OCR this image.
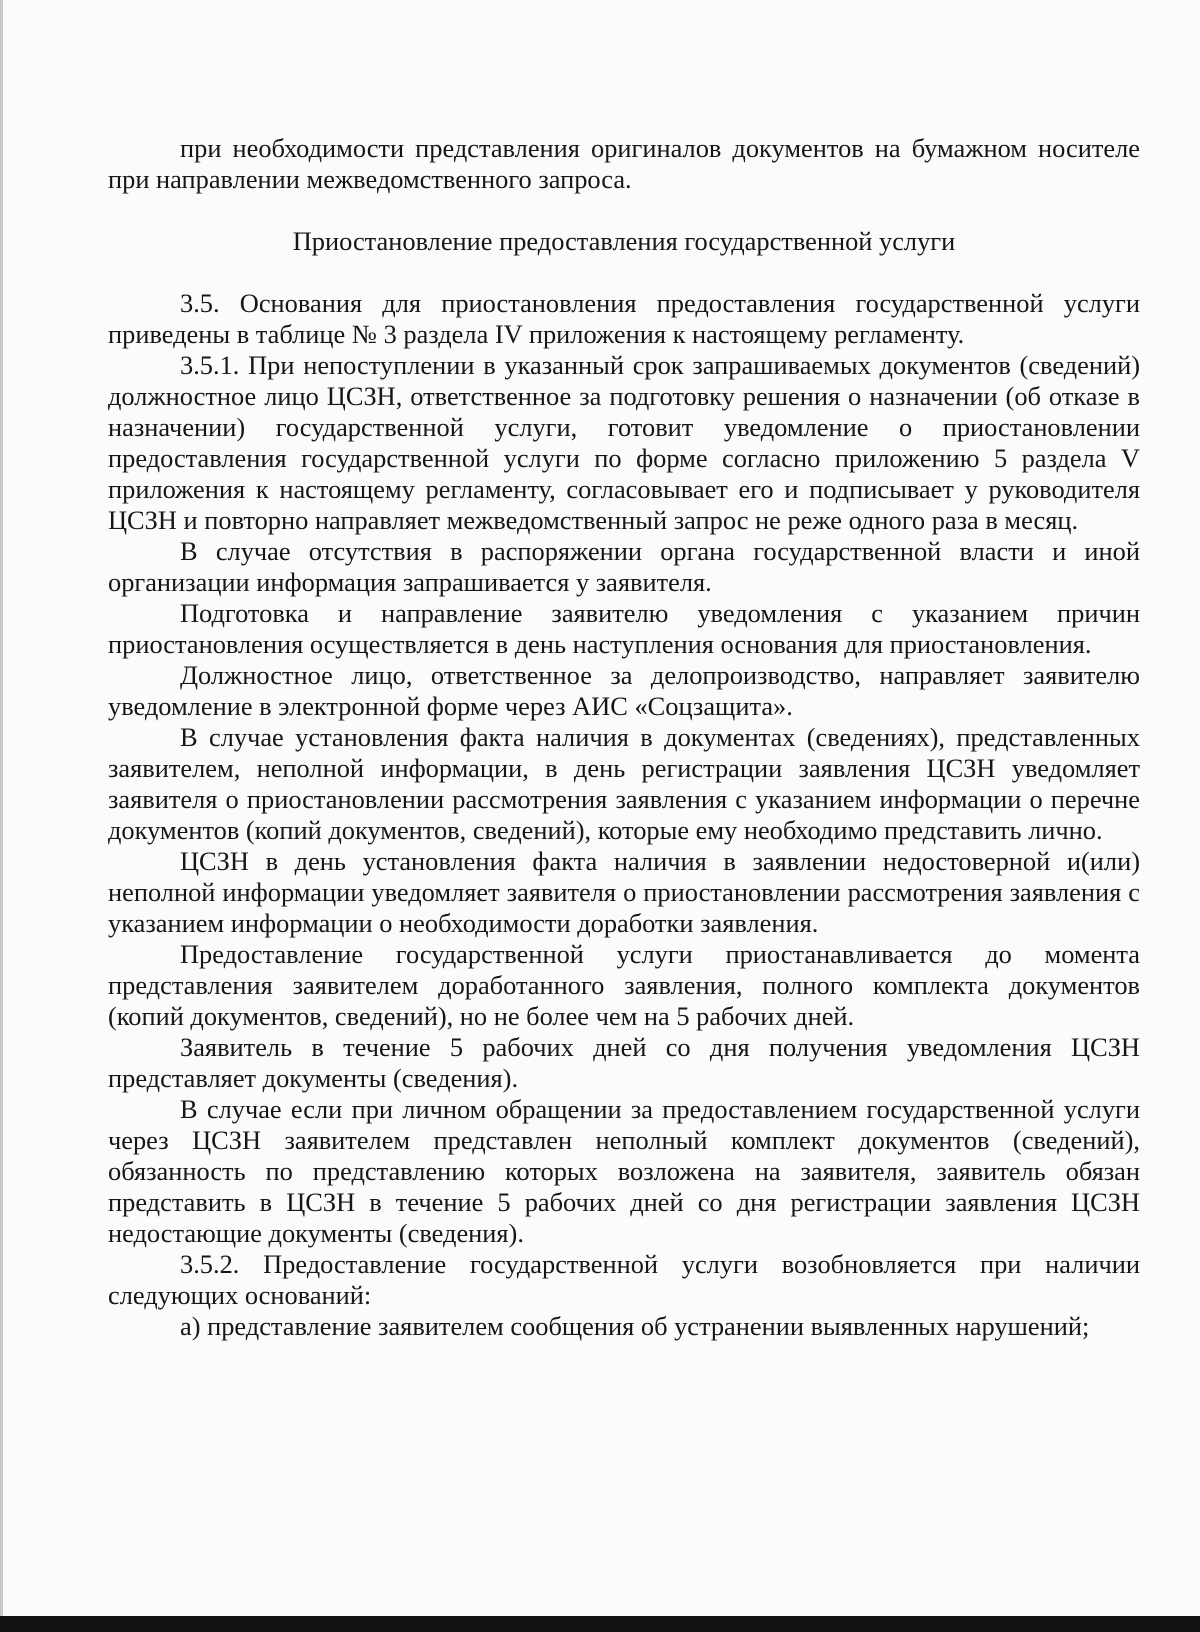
при необходимости представления оригиналов документов на бумажном носителе при направлении межведомственного запроса.

Приостановление предоставления государственной услуги

3.5. Основания для приостановления предоставления государственной услуги приведены в таблице № 3 раздела IV приложения к настоящему регламенту.

3.5.1. При непоступлении в указанный срок запрашиваемых документов (сведений) должностное лицо ЦСЗН, ответственное за подготовку решения о назначении (об отказе в назначении) государственной услуги, готовит уведомление о приостановлении предоставления государственной услуги по форме согласно приложению 5 раздела V приложения к настоящему регламенту, согласовывает его и подписывает у руководителя ЦСЗН и повторно направляет межведомственный запрос не реже одного раза в месяц.

В случае отсутствия в распоряжении органа государственной власти и иной организации информация запрашивается у заявителя.

Подготовка и направление заявителю уведомления с указанием причин приостановления осуществляется в день наступления основания для приостановления.

Должностное лицо, ответственное за делопроизводство, направляет заявителю уведомление в электронной форме через АИС «Соцзащита».

В случае установления факта наличия в документах (сведениях), представленных заявителем, неполной информации, в день регистрации заявления ЦСЗН уведомляет заявителя о приостановлении рассмотрения заявления с указанием информации о перечне документов (копий документов, сведений), которые ему необходимо представить лично.

ЦСЗН в день установления факта наличия в заявлении недостоверной и(или) неполной информации уведомляет заявителя о приостановлении рассмотрения заявления с указанием информации о необходимости доработки заявления.

Предоставление государственной услуги приостанавливается до момента представления заявителем доработанного заявления, полного комплекта документов (копий документов, сведений), но не более чем на 5 рабочих дней.

Заявитель в течение 5 рабочих дней со дня получения уведомления ЦСЗН представляет документы (сведения).

В случае если при личном обращении за предоставлением государственной услуги через ЦСЗН заявителем представлен неполный комплект документов (сведений), обязанность по представлению которых возложена на заявителя, заявитель обязан представить в ЦСЗН в течение 5 рабочих дней со дня регистрации заявления ЦСЗН недостающие документы (сведения).

3.5.2. Предоставление государственной услуги возобновляется при наличии следующих оснований:

а) представление заявителем сообщения об устранении выявленных нарушений;
